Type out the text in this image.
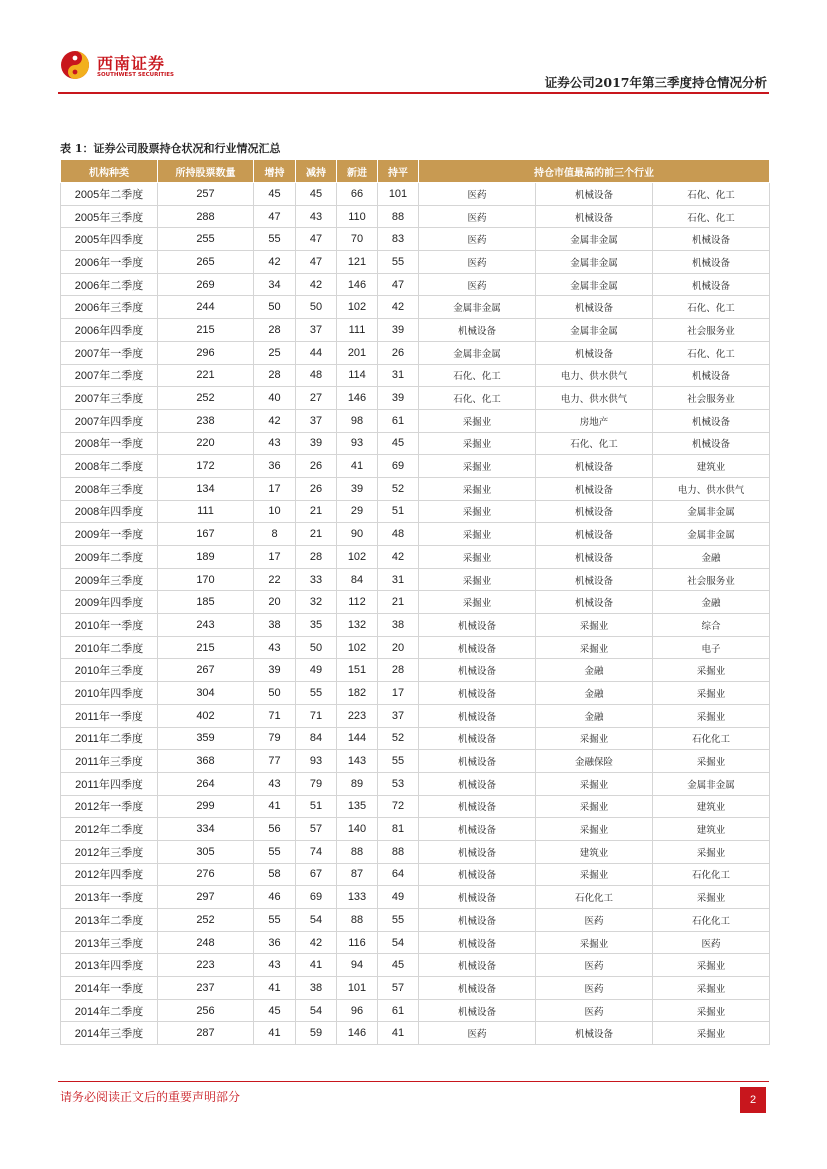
西南证券
SOUTHWEST SECURITIES	证券公司2017年第三季度持仓情况分析
表 1：证券公司股票持仓状况和行业情况汇总
机构种类	所持股票数量	增持	减持	新进	持平	持仓市值最高的前三个行业		
2005年二季度	257	45	45	66	101	医药	机械设备	石化、化工
2005年三季度	288	47	43	110	88	医药	机械设备	石化、化工
2005年四季度	255	55	47	70	83	医药	金属非金属	机械设备
2006年一季度	265	42	47	121	55	医药	金属非金属	机械设备
2006年二季度	269	34	42	146	47	医药	金属非金属	机械设备
2006年三季度	244	50	50	102	42	金属非金属	机械设备	石化、化工
2006年四季度	215	28	37	111	39	机械设备	金属非金属	社会服务业
2007年一季度	296	25	44	201	26	金属非金属	机械设备	石化、化工
2007年二季度	221	28	48	114	31	石化、化工	电力、供水供气	机械设备
2007年三季度	252	40	27	146	39	石化、化工	电力、供水供气	社会服务业
2007年四季度	238	42	37	98	61	采掘业	房地产	机械设备
2008年一季度	220	43	39	93	45	采掘业	石化、化工	机械设备
2008年二季度	172	36	26	41	69	采掘业	机械设备	建筑业
2008年三季度	134	17	26	39	52	采掘业	机械设备	电力、供水供气
2008年四季度	111	10	21	29	51	采掘业	机械设备	金属非金属
2009年一季度	167	8	21	90	48	采掘业	机械设备	金属非金属
2009年二季度	189	17	28	102	42	采掘业	机械设备	金融
2009年三季度	170	22	33	84	31	采掘业	机械设备	社会服务业
2009年四季度	185	20	32	112	21	采掘业	机械设备	金融
2010年一季度	243	38	35	132	38	机械设备	采掘业	综合
2010年二季度	215	43	50	102	20	机械设备	采掘业	电子
2010年三季度	267	39	49	151	28	机械设备	金融	采掘业
2010年四季度	304	50	55	182	17	机械设备	金融	采掘业
2011年一季度	402	71	71	223	37	机械设备	金融	采掘业
2011年二季度	359	79	84	144	52	机械设备	采掘业	石化化工
2011年三季度	368	77	93	143	55	机械设备	金融保险	采掘业
2011年四季度	264	43	79	89	53	机械设备	采掘业	金属非金属
2012年一季度	299	41	51	135	72	机械设备	采掘业	建筑业
2012年二季度	334	56	57	140	81	机械设备	采掘业	建筑业
2012年三季度	305	55	74	88	88	机械设备	建筑业	采掘业
2012年四季度	276	58	67	87	64	机械设备	采掘业	石化化工
2013年一季度	297	46	69	133	49	机械设备	石化化工	采掘业
2013年二季度	252	55	54	88	55	机械设备	医药	石化化工
2013年三季度	248	36	42	116	54	机械设备	采掘业	医药
2013年四季度	223	43	41	94	45	机械设备	医药	采掘业
2014年一季度	237	41	38	101	57	机械设备	医药	采掘业
2014年二季度	256	45	54	96	61	机械设备	医药	采掘业
2014年三季度	287	41	59	146	41	医药	机械设备	采掘业
请务必阅读正文后的重要声明部分	2
